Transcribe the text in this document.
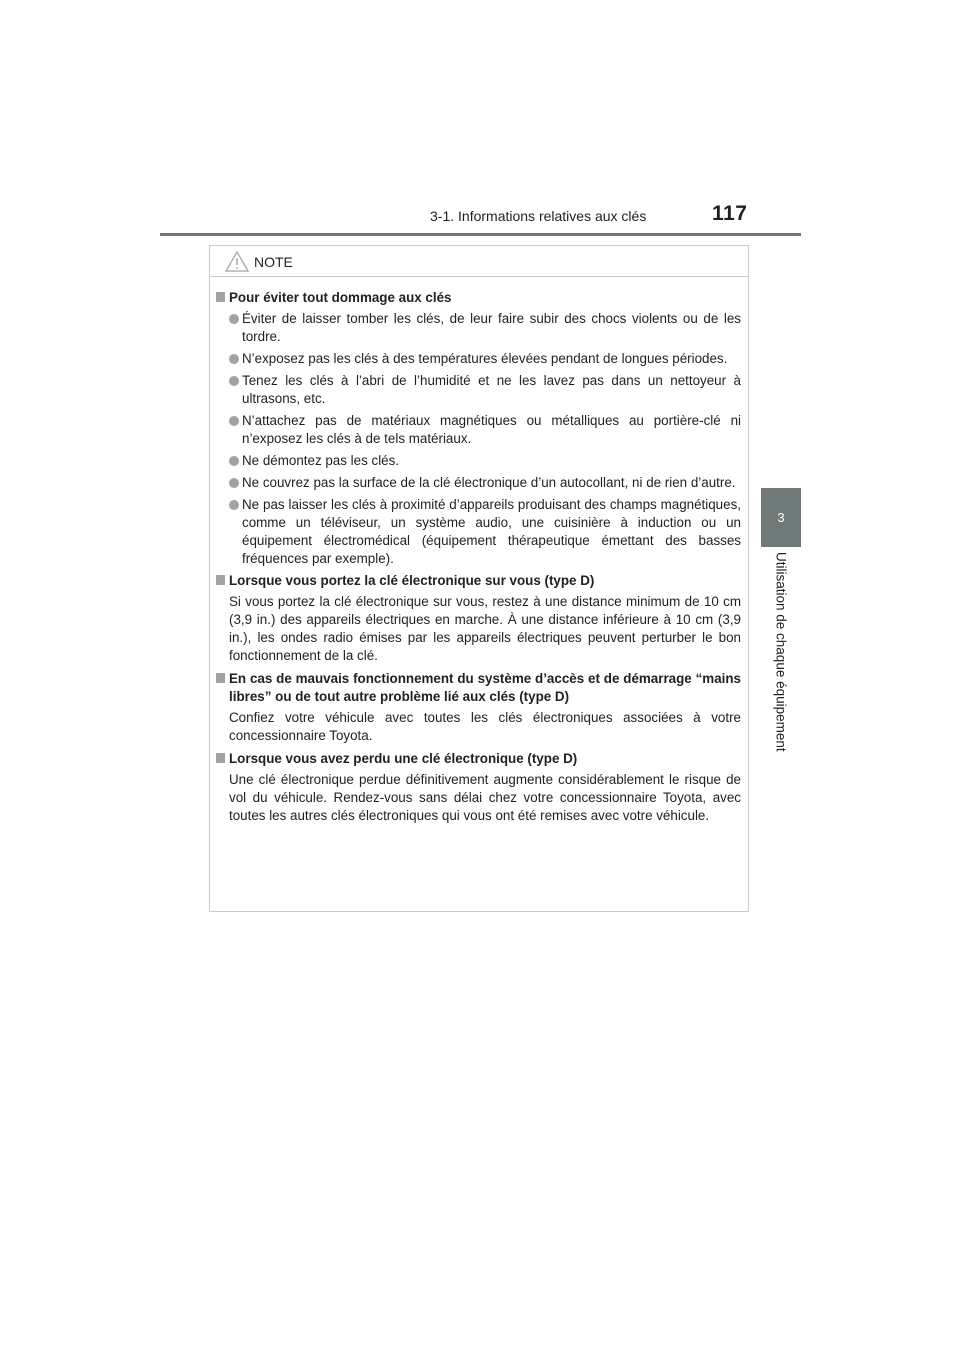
3-1. Informations relatives aux clés	117
3
Utilisation de chaque équipement
NOTE
Pour éviter tout dommage aux clés
Éviter de laisser tomber les clés, de leur faire subir des chocs violents ou de les tordre.
N’exposez pas les clés à des températures élevées pendant de longues périodes.
Tenez les clés à l’abri de l’humidité et ne les lavez pas dans un nettoyeur à ultrasons, etc.
N’attachez pas de matériaux magnétiques ou métalliques au portière-clé ni n’exposez les clés à de tels matériaux.
Ne démontez pas les clés.
Ne couvrez pas la surface de la clé électronique d’un autocollant, ni de rien d’autre.
Ne pas laisser les clés à proximité d’appareils produisant des champs magnétiques, comme un téléviseur, un système audio, une cuisinière à induction ou un équipement électromédical (équipement thérapeutique émettant des basses fréquences par exemple).
Lorsque vous portez la clé électronique sur vous (type D)
Si vous portez la clé électronique sur vous, restez à une distance minimum de 10 cm (3,9 in.) des appareils électriques en marche. À une distance inférieure à 10 cm (3,9 in.), les ondes radio émises par les appareils électriques peuvent perturber le bon fonctionnement de la clé.
En cas de mauvais fonctionnement du système d’accès et de démarrage “mains libres” ou de tout autre problème lié aux clés (type D)
Confiez votre véhicule avec toutes les clés électroniques associées à votre concessionnaire Toyota.
Lorsque vous avez perdu une clé électronique (type D)
Une clé électronique perdue définitivement augmente considérablement le risque de vol du véhicule. Rendez-vous sans délai chez votre concessionnaire Toyota, avec toutes les autres clés électroniques qui vous ont été remises avec votre véhicule.
